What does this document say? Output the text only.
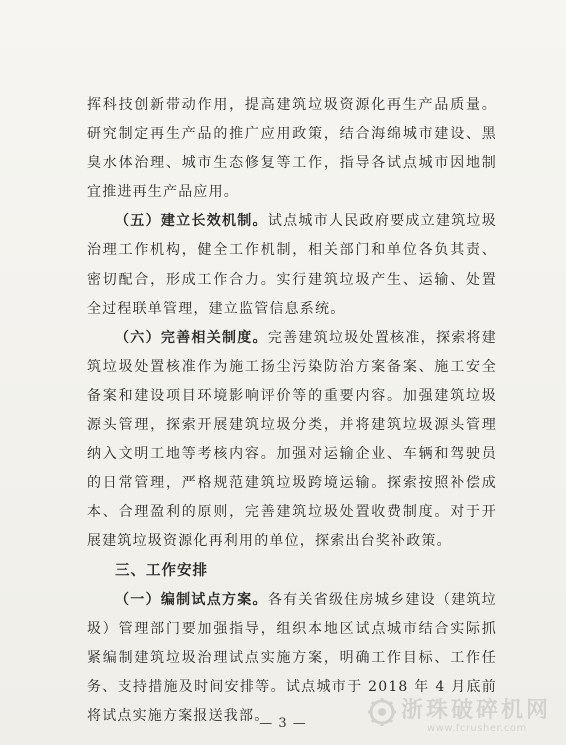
挥科技创新带动作用，提高建筑垃圾资源化再生产品质量。研究制定再生产品的推广应用政策，结合海绵城市建设、黑臭水体治理、城市生态修复等工作，指导各试点城市因地制宜推进再生产品应用。

（五）建立长效机制。试点城市人民政府要成立建筑垃圾治理工作机构，健全工作机制，相关部门和单位各负其责、密切配合，形成工作合力。实行建筑垃圾产生、运输、处置全过程联单管理，建立监管信息系统。

（六）完善相关制度。完善建筑垃圾处置核准，探索将建筑垃圾处置核准作为施工扬尘污染防治方案备案、施工安全备案和建设项目环境影响评价等的重要内容。加强建筑垃圾源头管理，探索开展建筑垃圾分类，并将建筑垃圾源头管理纳入文明工地等考核内容。加强对运输企业、车辆和驾驶员的日常管理，严格规范建筑垃圾跨境运输。探索按照补偿成本、合理盈利的原则，完善建筑垃圾处置收费制度。对于开展建筑垃圾资源化再利用的单位，探索出台奖补政策。

三、工作安排

（一）编制试点方案。各有关省级住房城乡建设（建筑垃圾）管理部门要加强指导，组织本地区试点城市结合实际抓紧编制建筑垃圾治理试点实施方案，明确工作目标、工作任务、支持措施及时间安排等。试点城市于 2018 年 4 月底前将试点实施方案报送我部。

— 3 —
浙珠破碎机网
www.fcrusher.com
